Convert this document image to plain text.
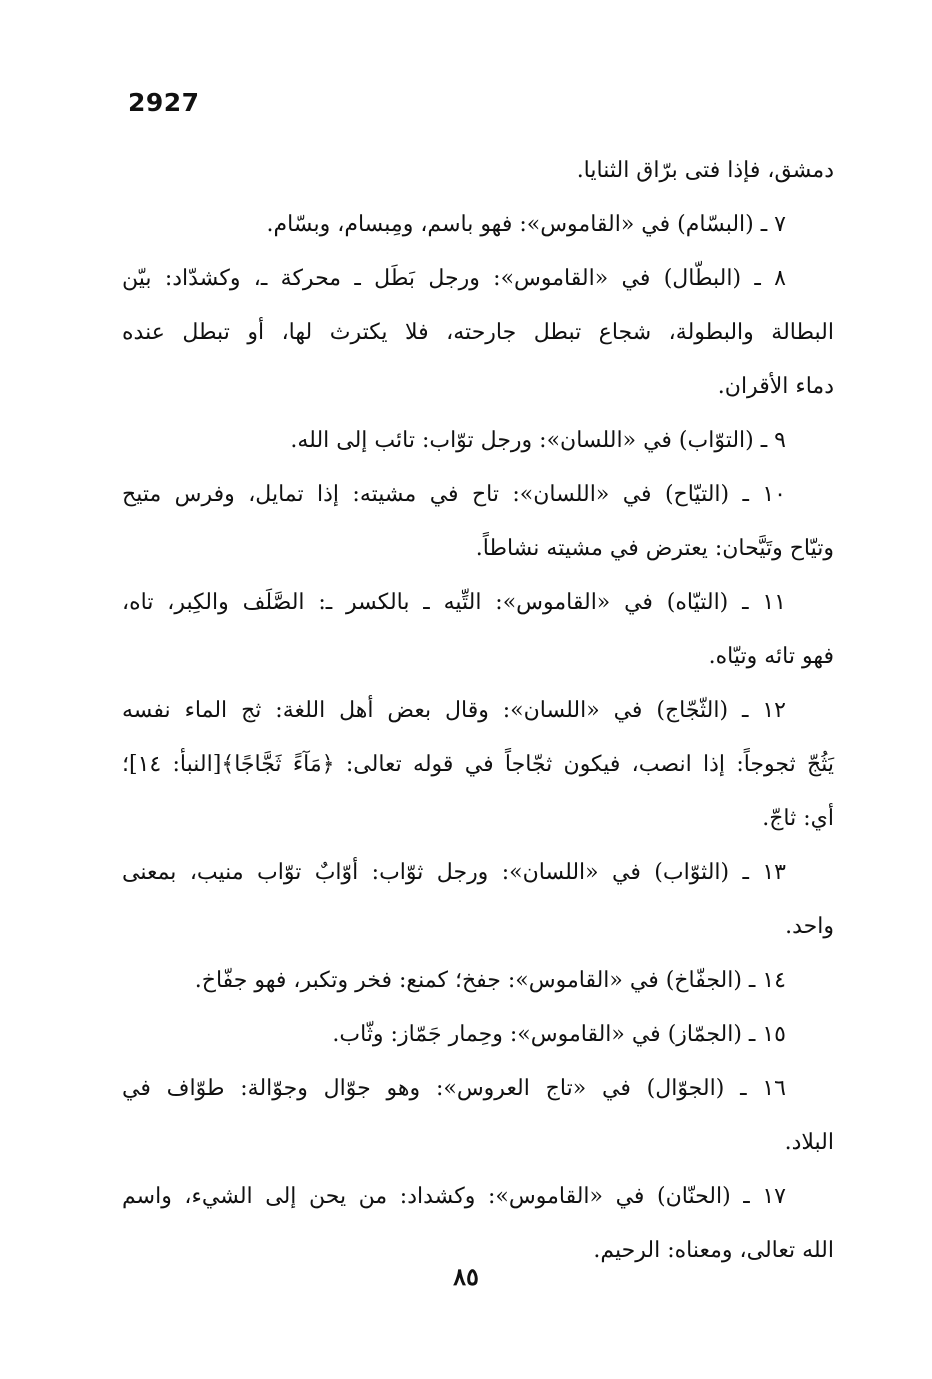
2927
دمشق، فإذا فتى برّاق الثنايا.
٧ ـ (البسّام) في «القاموس»: فهو باسم، ومِبسام، وبسّام.
٨ ـ (البطّال) في «القاموس»: ورجل بَطَل ـ محركة ـ، وكشدّاد: بيّن
البطالة والبطولة، شجاع تبطل جارحته، فلا يكترث لها، أو تبطل عنده
دماء الأقران.
٩ ـ (التوّاب) في «اللسان»: ورجل توّاب: تائب إلى الله.
١٠ ـ (التيّاح) في «اللسان»: تاح في مشيته: إذا تمايل، وفرس متيح
وتيّاح وتَيَّحان: يعترض في مشيته نشاطاً.
١١ ـ (التيّاه) في «القاموس»: التِّيه ـ بالكسر ـ: الصَّلَف والكِبر، تاه،
فهو تائه وتيّاه.
١٢ ـ (الثّجّاج) في «اللسان»: وقال بعض أهل اللغة: ثج الماء نفسه
يَثُجّ ثجوجاً: إذا انصب، فيكون ثجّاجاً في قوله تعالى: ﴿مَآءً ثَجَّاجًا﴾[النبأ: ١٤]؛
أي: ثاجّ.
١٣ ـ (الثوّاب) في «اللسان»: ورجل ثوّاب: أوّابٌ توّاب منيب، بمعنى
واحد.
١٤ ـ (الجفّاخ) في «القاموس»: جفخ؛ كمنع: فخر وتكبر، فهو جفّاخ.
١٥ ـ (الجمّاز) في «القاموس»: وحِمار جَمّاز: وثّاب.
١٦ ـ (الجوّال) في «تاج العروس»: وهو جوّال وجوّالة: طوّاف في
البلاد.
١٧ ـ (الحنّان) في «القاموس»: وكشداد: من يحن إلى الشيء، واسم
الله تعالى، ومعناه: الرحيم.
٨٥
